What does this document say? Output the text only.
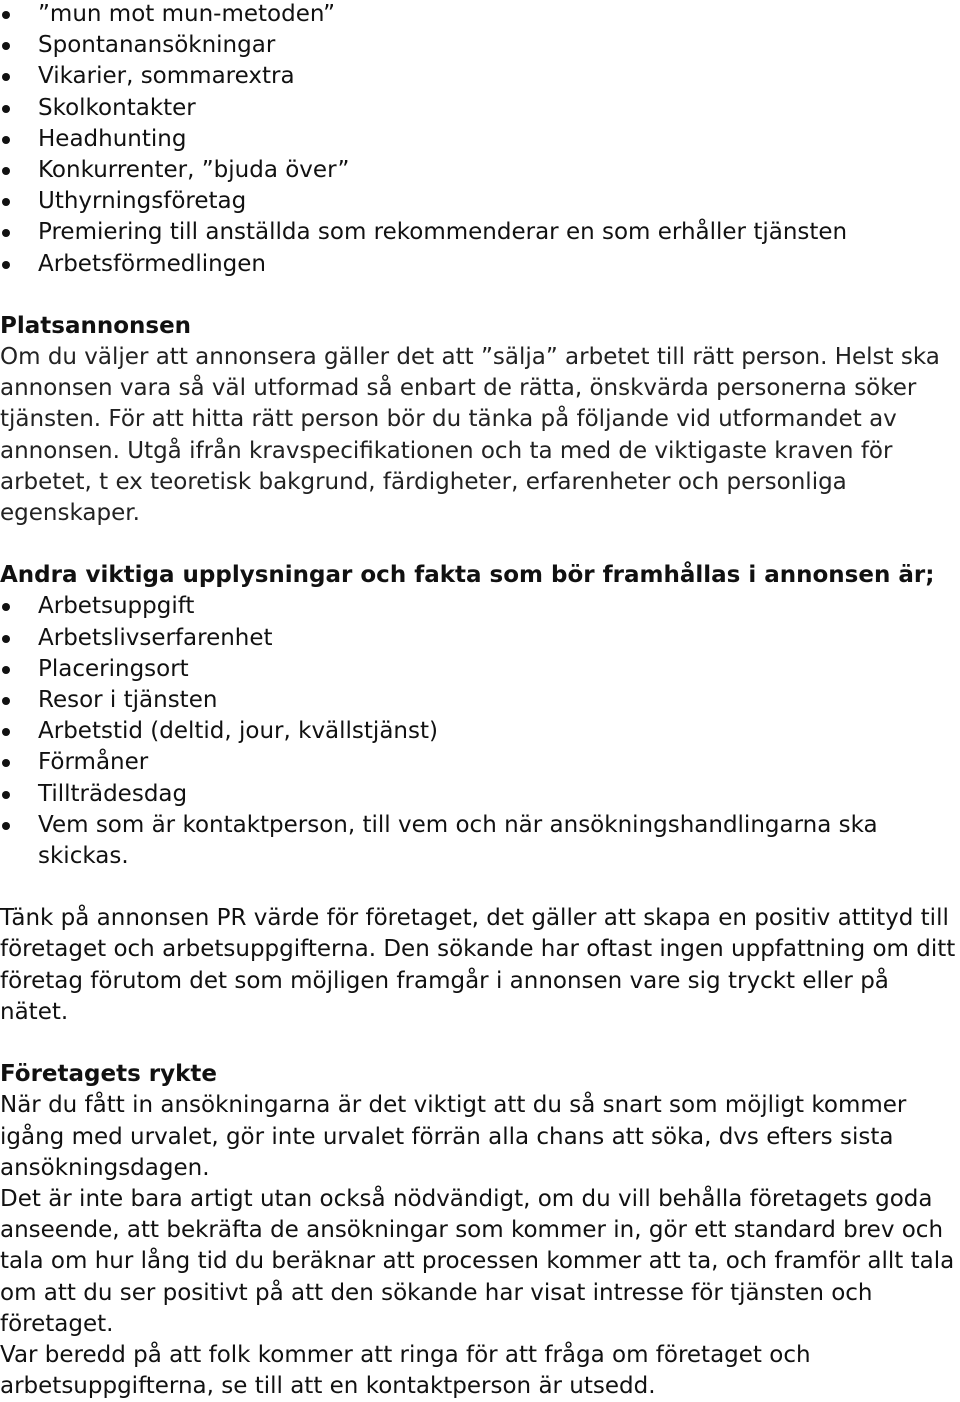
”mun mot mun-metoden”
Spontanansökningar
Vikarier, sommarextra
Skolkontakter
Headhunting
Konkurrenter, ”bjuda över”
Uthyrningsföretag
Premiering till anställda som rekommenderar en som erhåller tjänsten
Arbetsförmedlingen

Platsannonsen

Om du väljer att annonsera gäller det att ”sälja” arbetet till rätt person. Helst ska annonsen vara så väl utformad så enbart de rätta, önskvärda personerna söker tjänsten. För att hitta rätt person bör du tänka på följande vid utformandet av annonsen. Utgå ifrån kravspecifikationen och ta med de viktigaste kraven för arbetet, t ex teoretisk bakgrund, färdigheter, erfarenheter och personliga egenskaper.

Andra viktiga upplysningar och fakta som bör framhållas i annonsen är;

Arbetsuppgift
Arbetslivserfarenhet
Placeringsort
Resor i tjänsten
Arbetstid (deltid, jour, kvällstjänst)
Förmåner
Tillträdesdag
Vem som är kontaktperson, till vem och när ansökningshandlingarna ska skickas.

Tänk på annonsen PR värde för företaget, det gäller att skapa en positiv attityd till företaget och arbetsuppgifterna. Den sökande har oftast ingen uppfattning om ditt företag förutom det som möjligen framgår i annonsen vare sig tryckt eller på nätet.

Företagets rykte

När du fått in ansökningarna är det viktigt att du så snart som möjligt kommer igång med urvalet, gör inte urvalet förrän alla chans att söka, dvs efters sista ansökningsdagen.

Det är inte bara artigt utan också nödvändigt, om du vill behålla företagets goda anseende, att bekräfta de ansökningar som kommer in, gör ett standard brev och tala om hur lång tid du beräknar att processen kommer att ta, och framför allt tala om att du ser positivt på att den sökande har visat intresse för tjänsten och företaget.

Var beredd på att folk kommer att ringa för att fråga om företaget och arbetsuppgifterna, se till att en kontaktperson är utsedd.
